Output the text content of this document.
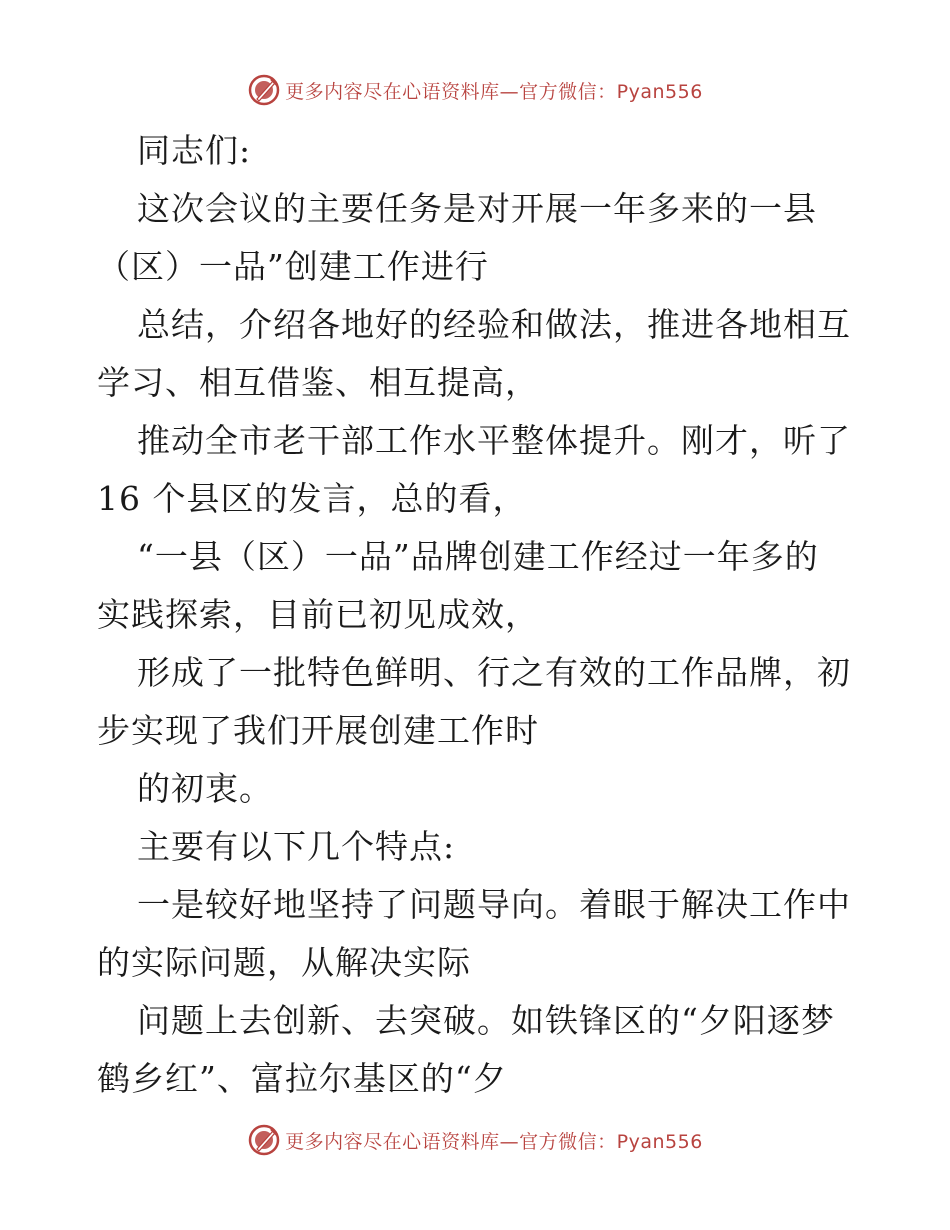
更多内容尽在心语资料库—官方微信：Pyan556
同志们:
这次会议的主要任务是对开展一年多来的一县
（区）一品”创建工作进行
总结，介绍各地好的经验和做法，推进各地相互
学习、相互借鉴、相互提高，
推动全市老干部工作水平整体提升。刚才，听了
16 个县区的发言，总的看，
“一县（区）一品”品牌创建工作经过一年多的
实践探索，目前已初见成效，
形成了一批特色鲜明、行之有效的工作品牌，初
步实现了我们开展创建工作时
的初衷。
主要有以下几个特点:
一是较好地坚持了问题导向。着眼于解决工作中
的实际问题，从解决实际
问题上去创新、去突破。如铁锋区的“夕阳逐梦
鹤乡红”、富拉尔基区的“夕
更多内容尽在心语资料库—官方微信：Pyan556
